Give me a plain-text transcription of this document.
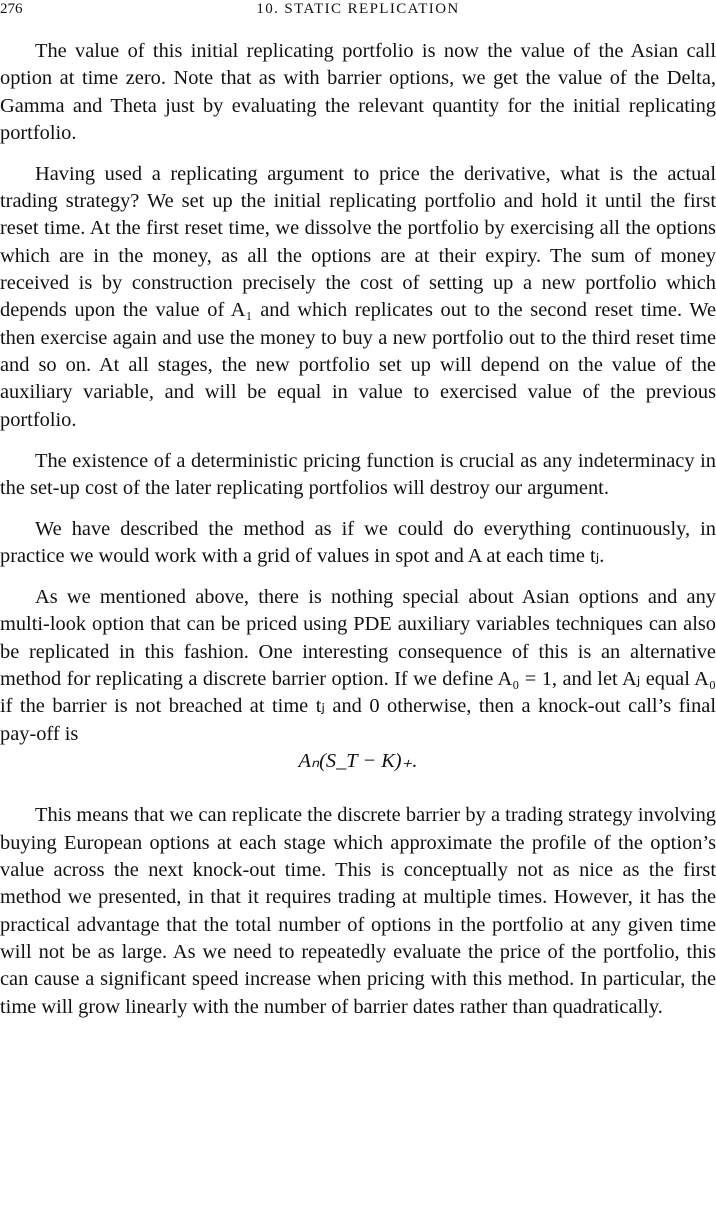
276	10. STATIC REPLICATION

The value of this initial replicating portfolio is now the value of the Asian call option at time zero. Note that as with barrier options, we get the value of the Delta, Gamma and Theta just by evaluating the relevant quantity for the initial replicating portfolio.

Having used a replicating argument to price the derivative, what is the actual trading strategy? We set up the initial replicating portfolio and hold it until the first reset time. At the first reset time, we dissolve the portfolio by exercising all the options which are in the money, as all the options are at their expiry. The sum of money received is by construction precisely the cost of setting up a new portfolio which depends upon the value of A₁ and which replicates out to the second reset time. We then exercise again and use the money to buy a new portfolio out to the third reset time and so on. At all stages, the new portfolio set up will depend on the value of the auxiliary variable, and will be equal in value to exercised value of the previous portfolio.

The existence of a deterministic pricing function is crucial as any indeterminacy in the set-up cost of the later replicating portfolios will destroy our argument.

We have described the method as if we could do everything continuously, in practice we would work with a grid of values in spot and A at each time tⱼ.

As we mentioned above, there is nothing special about Asian options and any multi-look option that can be priced using PDE auxiliary variables techniques can also be replicated in this fashion. One interesting consequence of this is an alternative method for replicating a discrete barrier option. If we define A₀ = 1, and let Aⱼ equal A₀ if the barrier is not breached at time tⱼ and 0 otherwise, then a knock-out call’s final pay-off is

Aₙ(S_T − K)₊.

This means that we can replicate the discrete barrier by a trading strategy involving buying European options at each stage which approximate the profile of the option’s value across the next knock-out time. This is conceptually not as nice as the first method we presented, in that it requires trading at multiple times. However, it has the practical advantage that the total number of options in the portfolio at any given time will not be as large. As we need to repeatedly evaluate the price of the portfolio, this can cause a significant speed increase when pricing with this method. In particular, the time will grow linearly with the number of barrier dates rather than quadratically.
